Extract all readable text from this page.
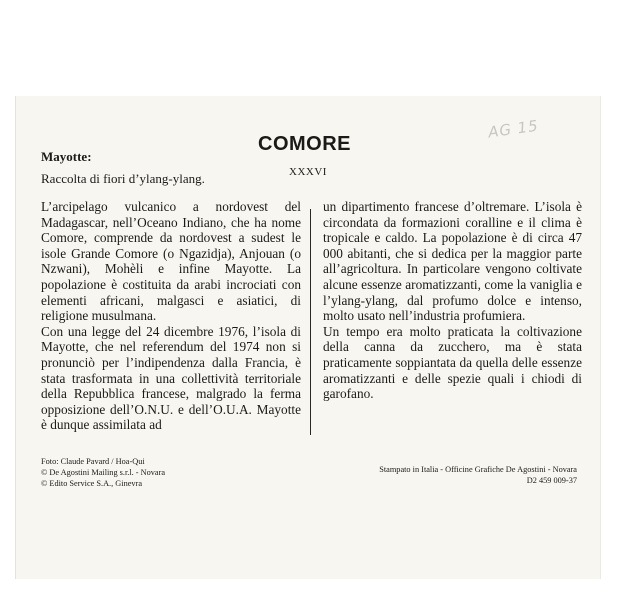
AG 15
COMORE
XXXVI
Mayotte:
Raccolta di fiori d’ylang-ylang.

L’arcipelago vulcanico a nordovest del Madagascar, nell’Oceano Indiano, che ha nome Comore, comprende da nordovest a sudest le isole Grande Comore (o Ngazidja), Anjouan (o Nzwani), Mohèli e infine Mayotte. La popolazione è costituita da arabi incrociati con elementi africani, malgasci e asiatici, di religione musulmana.

Con una legge del 24 dicembre 1976, l’isola di Mayotte, che nel referendum del 1974 non si pronunciò per l’indipendenza dalla Francia, è stata trasformata in una collettività territoriale della Repubblica francese, malgrado la ferma opposizione dell’O.N.U. e dell’O.U.A. Mayotte è dunque assimilata ad

un dipartimento francese d’oltremare. L’isola è circondata da formazioni coralline e il clima è tropicale e caldo. La popolazione è di circa 47 000 abitanti, che si dedica per la maggior parte all’agricoltura. In particolare vengono coltivate alcune essenze aromatizzanti, come la vaniglia e l’ylang-ylang, dal profumo dolce e intenso, molto usato nell’industria profumiera.

Un tempo era molto praticata la coltivazione della canna da zucchero, ma è stata praticamente soppiantata da quella delle essenze aromatizzanti e delle spezie quali i chiodi di garofano.

Foto: Claude Pavard / Hoa-Qui
© De Agostini Mailing s.r.l. - Novara
© Edito Service S.A., Ginevra
Stampato in Italia - Officine Grafiche De Agostini - Novara
D2 459 009-37
